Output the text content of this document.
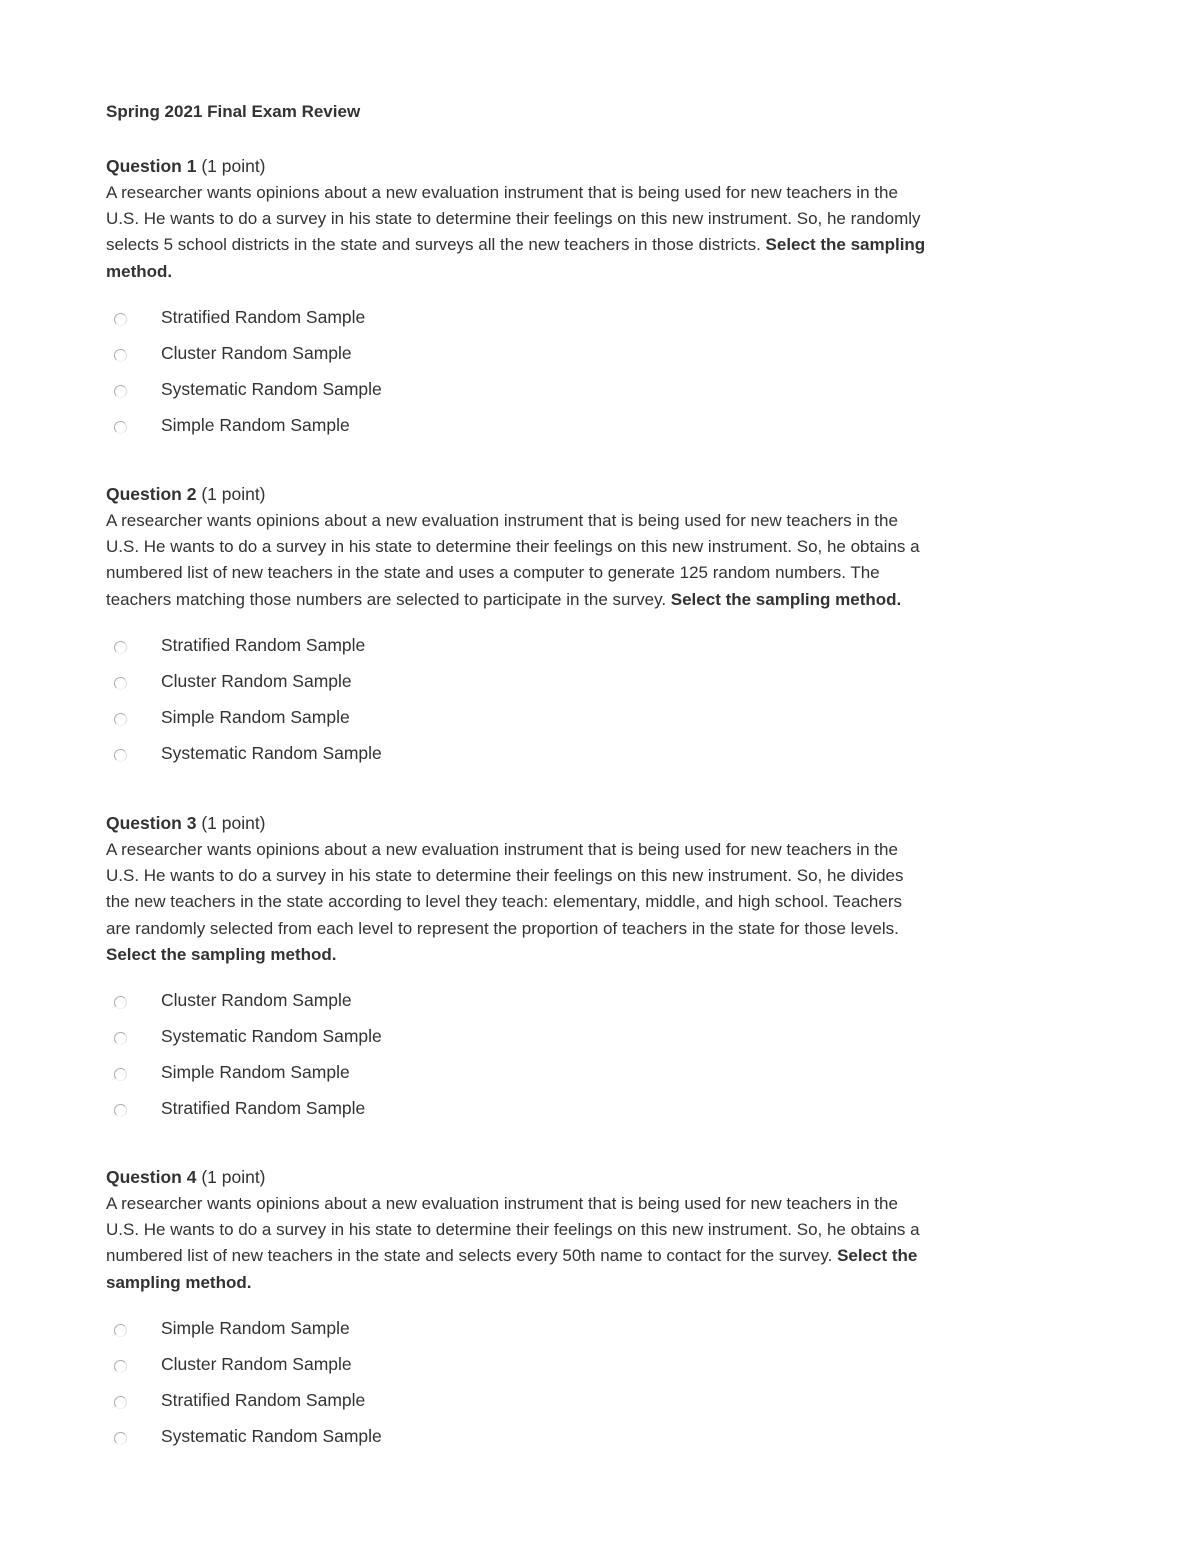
Spring 2021 Final Exam Review
Question 1 (1 point)
A researcher wants opinions about a new evaluation instrument that is being used for new teachers in the
U.S. He wants to do a survey in his state to determine their feelings on this new instrument. So, he randomly
selects 5 school districts in the state and surveys all the new teachers in those districts. Select the sampling
method.
Stratified Random Sample
Cluster Random Sample
Systematic Random Sample
Simple Random Sample
Question 2 (1 point)
A researcher wants opinions about a new evaluation instrument that is being used for new teachers in the
U.S. He wants to do a survey in his state to determine their feelings on this new instrument. So, he obtains a
numbered list of new teachers in the state and uses a computer to generate 125 random numbers. The
teachers matching those numbers are selected to participate in the survey. Select the sampling method.
Stratified Random Sample
Cluster Random Sample
Simple Random Sample
Systematic Random Sample
Question 3 (1 point)
A researcher wants opinions about a new evaluation instrument that is being used for new teachers in the
U.S. He wants to do a survey in his state to determine their feelings on this new instrument. So, he divides
the new teachers in the state according to level they teach: elementary, middle, and high school. Teachers
are randomly selected from each level to represent the proportion of teachers in the state for those levels.
Select the sampling method.
Cluster Random Sample
Systematic Random Sample
Simple Random Sample
Stratified Random Sample
Question 4 (1 point)
A researcher wants opinions about a new evaluation instrument that is being used for new teachers in the
U.S. He wants to do a survey in his state to determine their feelings on this new instrument. So, he obtains a
numbered list of new teachers in the state and selects every 50th name to contact for the survey. Select the
sampling method.
Simple Random Sample
Cluster Random Sample
Stratified Random Sample
Systematic Random Sample
